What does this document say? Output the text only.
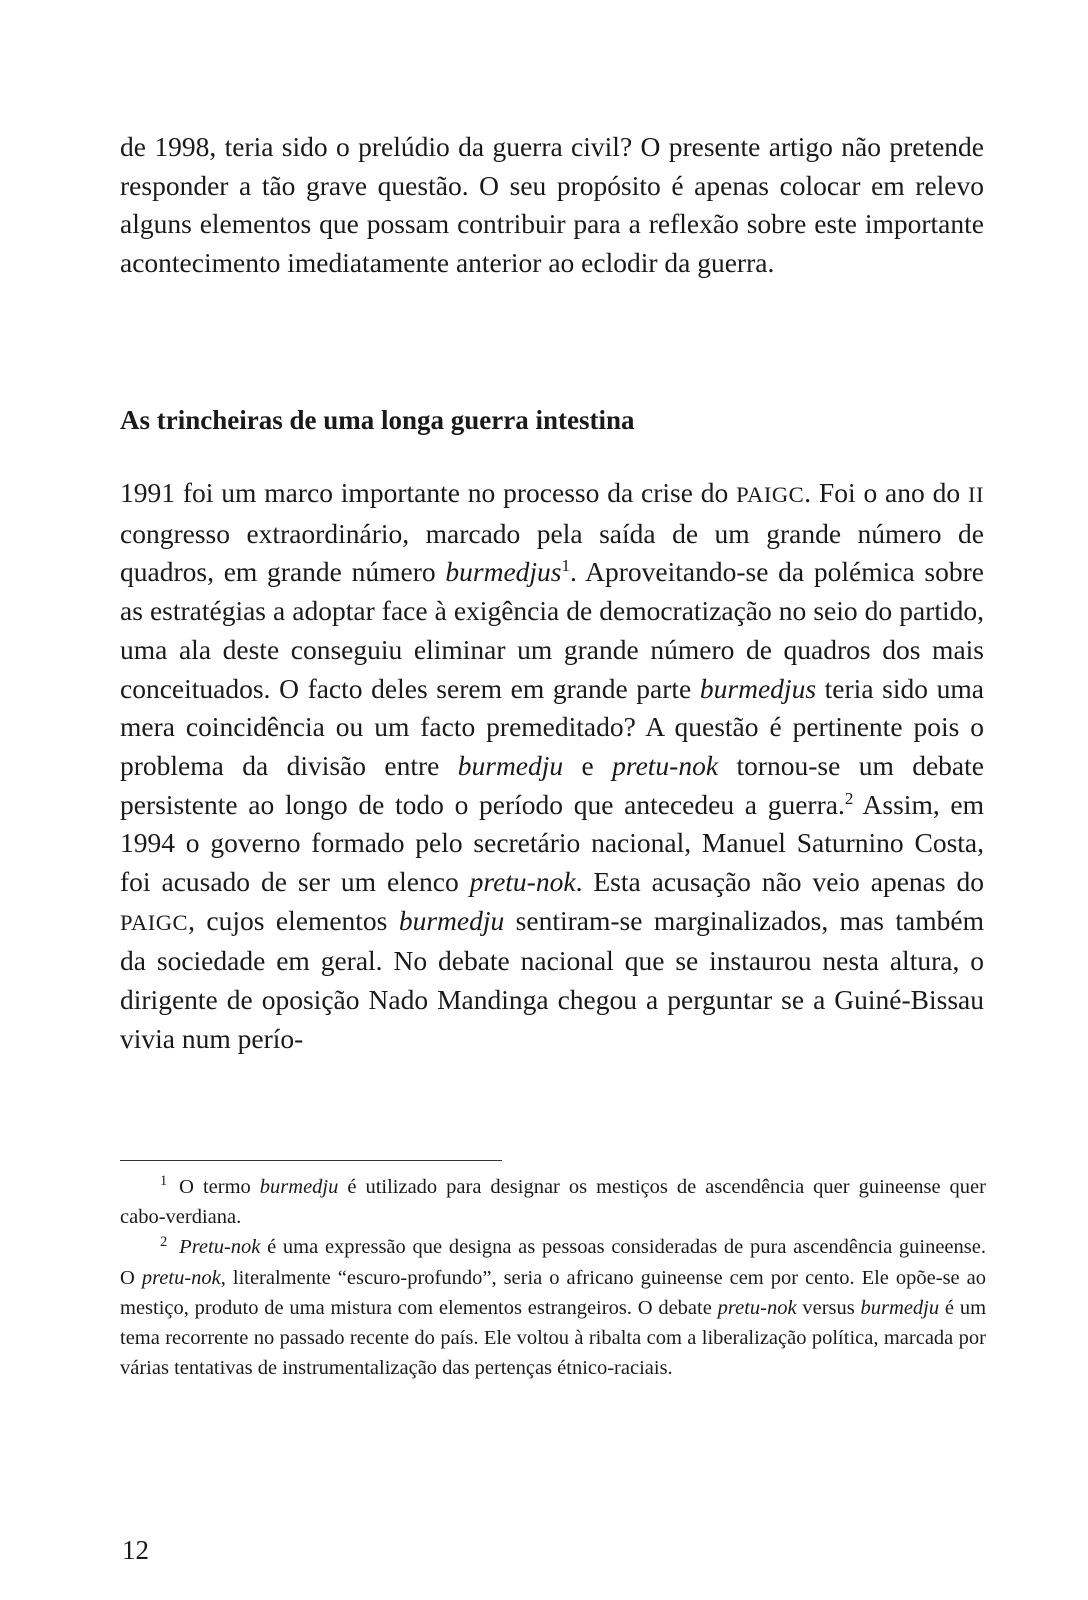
de 1998, teria sido o prelúdio da guerra civil? O presente artigo não pretende responder a tão grave questão. O seu propósito é apenas colocar em relevo alguns elementos que possam contribuir para a reflexão sobre este importante acontecimento imediatamente anterior ao eclodir da guerra.

As trincheiras de uma longa guerra intestina

1991 foi um marco importante no processo da crise do PAIGC. Foi o ano do II congresso extraordinário, marcado pela saída de um grande número de quadros, em grande número burmedjus$^1$. Aproveitando-se da polémica sobre as estratégias a adoptar face à exigência de democratização no seio do partido, uma ala deste conseguiu eliminar um grande número de quadros dos mais conceituados. O facto deles serem em grande parte burmedjus teria sido uma mera coincidência ou um facto premeditado? A questão é pertinente pois o problema da divisão entre burmedju e pretu-nok tornou-se um debate persistente ao longo de todo o período que antecedeu a guerra.$^2$ Assim, em 1994 o governo formado pelo secretário nacional, Manuel Saturnino Costa, foi acusado de ser um elenco pretu-nok. Esta acusação não veio apenas do PAIGC, cujos elementos burmedju sentiram-se marginalizados, mas também da sociedade em geral. No debate nacional que se instaurou nesta altura, o dirigente de oposição Nado Mandinga chegou a perguntar se a Guiné-Bissau vivia num perío-

$^1$ O termo burmedju é utilizado para designar os mestiços de ascendência quer guineense quer cabo-verdiana.

$^2$ Pretu-nok é uma expressão que designa as pessoas consideradas de pura ascendência guineense. O pretu-nok, literalmente “escuro-profundo”, seria o africano guineense cem por cento. Ele opõe-se ao mestiço, produto de uma mistura com elementos estrangeiros. O debate pretu-nok versus burmedju é um tema recorrente no passado recente do país. Ele voltou à ribalta com a liberalização política, marcada por várias tentativas de instrumentalização das pertenças étnico-raciais.

12
